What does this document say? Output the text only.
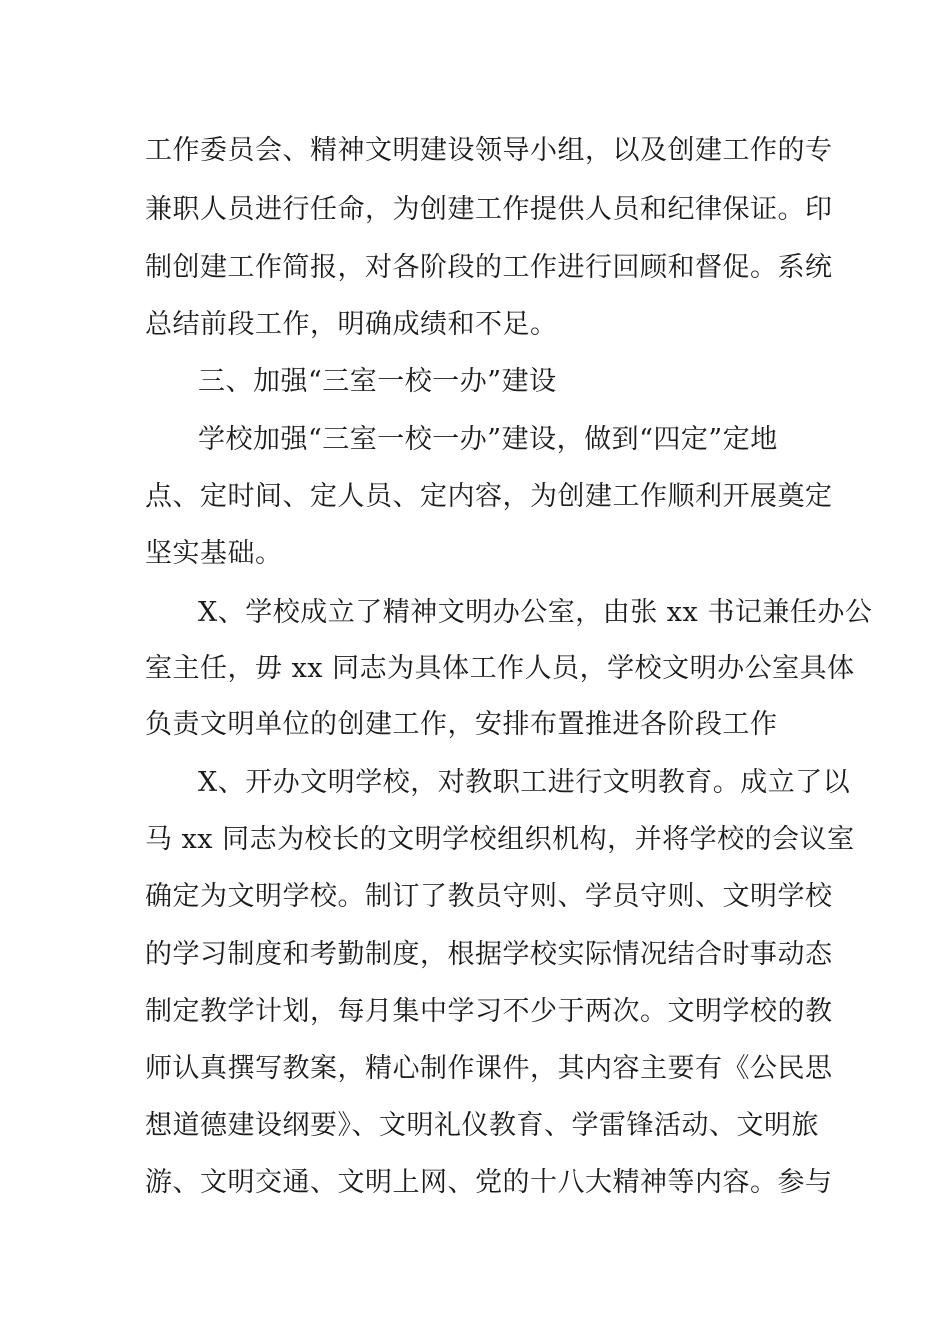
工作委员会、精神文明建设领导小组，以及创建工作的专
兼职人员进行任命，为创建工作提供人员和纪律保证。印
制创建工作简报，对各阶段的工作进行回顾和督促。系统
总结前段工作，明确成绩和不足。
三、加强“三室一校一办”建设
学校加强“三室一校一办”建设，做到“四定”定地
点、定时间、定人员、定内容，为创建工作顺利开展奠定
坚实基础。
X、学校成立了精神文明办公室，由张 xx 书记兼任办公
室主任，毋 xx 同志为具体工作人员，学校文明办公室具体
负责文明单位的创建工作，安排布置推进各阶段工作
X、开办文明学校，对教职工进行文明教育。成立了以
马 xx 同志为校长的文明学校组织机构，并将学校的会议室
确定为文明学校。制订了教员守则、学员守则、文明学校
的学习制度和考勤制度，根据学校实际情况结合时事动态
制定教学计划，每月集中学习不少于两次。文明学校的教
师认真撰写教案，精心制作课件，其内容主要有《公民思
想道德建设纲要》、文明礼仪教育、学雷锋活动、文明旅
游、文明交通、文明上网、党的十八大精神等内容。参与
